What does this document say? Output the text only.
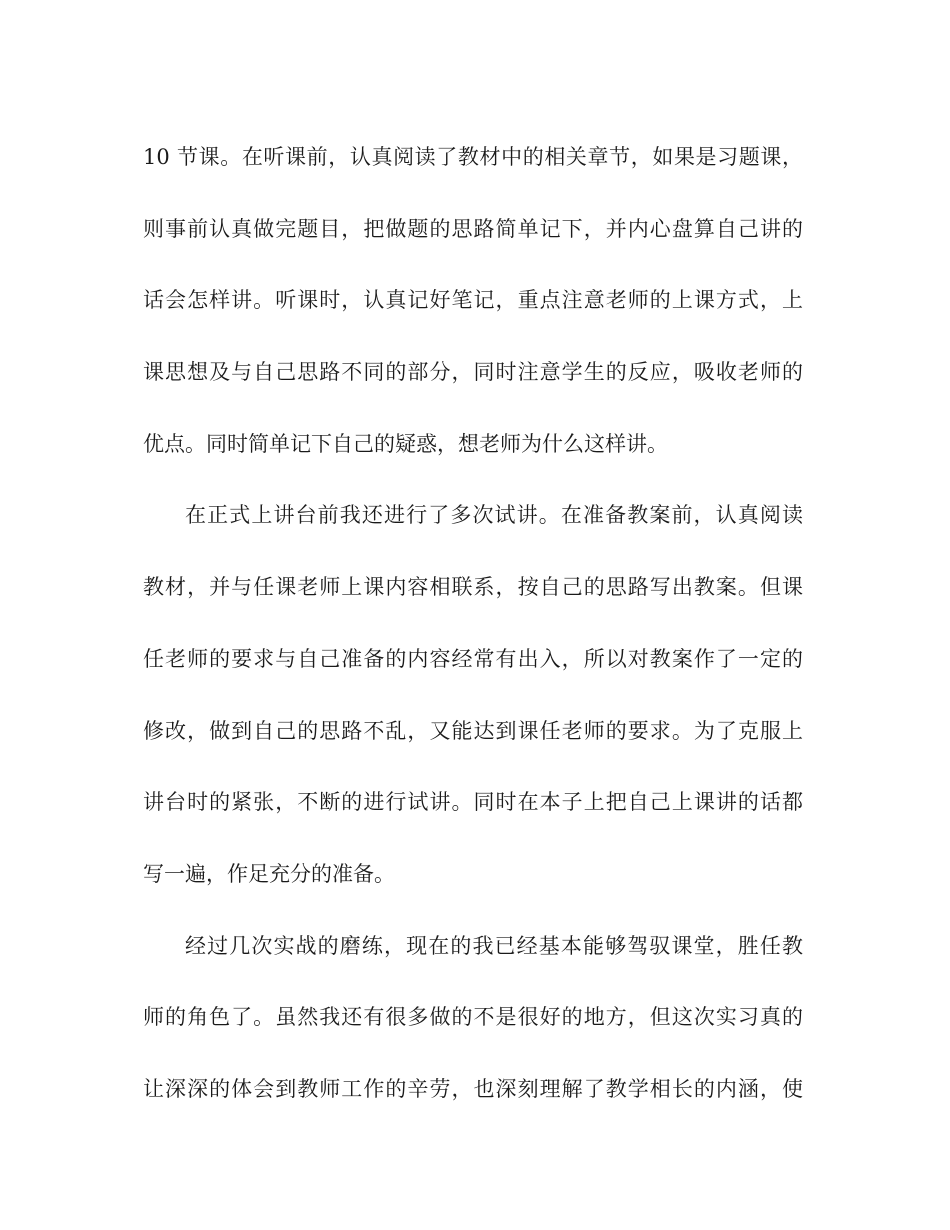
10 节课。在听课前，认真阅读了教材中的相关章节，如果是习题课，
则事前认真做完题目，把做题的思路简单记下，并内心盘算自己讲的
话会怎样讲。听课时，认真记好笔记，重点注意老师的上课方式，上
课思想及与自己思路不同的部分，同时注意学生的反应，吸收老师的
优点。同时简单记下自己的疑惑，想老师为什么这样讲。
在正式上讲台前我还进行了多次试讲。在准备教案前，认真阅读
教材，并与任课老师上课内容相联系，按自己的思路写出教案。但课
任老师的要求与自己准备的内容经常有出入，所以对教案作了一定的
修改，做到自己的思路不乱，又能达到课任老师的要求。为了克服上
讲台时的紧张，不断的进行试讲。同时在本子上把自己上课讲的话都
写一遍，作足充分的准备。
经过几次实战的磨练，现在的我已经基本能够驾驭课堂，胜任教
师的角色了。虽然我还有很多做的不是很好的地方，但这次实习真的
让深深的体会到教师工作的辛劳，也深刻理解了教学相长的内涵，使
